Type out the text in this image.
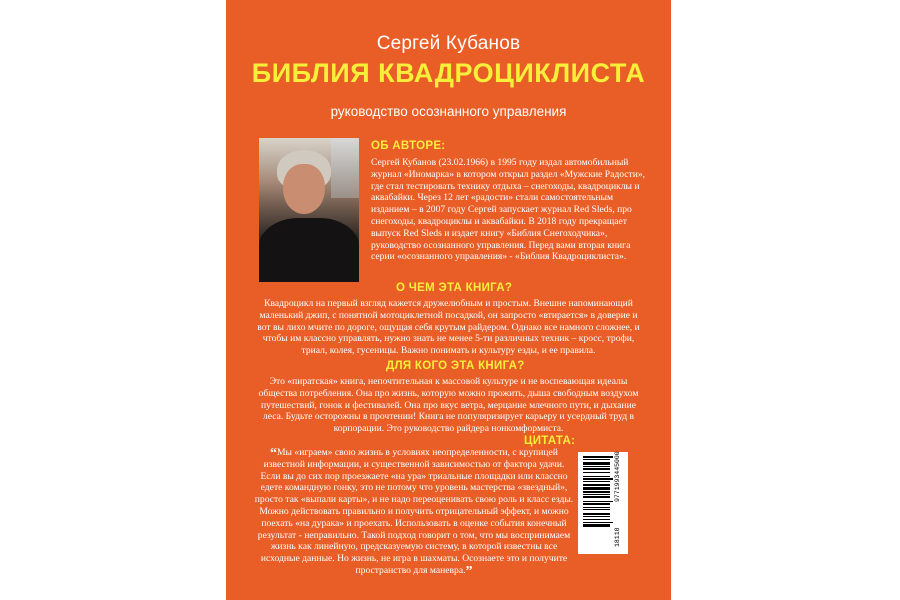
Сергей Кубанов
БИБЛИЯ КВАДРОЦИКЛИСТА
руководство осознанного управления
ОБ АВТОРЕ:
Сергей Кубанов (23.02.1966) в 1995 году издал автомобильный журнал «Иномарка» в котором открыл раздел «Мужские Радости», где стал тестировать технику отдыха – снегоходы, квадроциклы и аквабайки. Через 12 лет «радости» стали самостоятельным изданием – в 2007 году Сергей запускает журнал Red Sleds, про снегоходы, квадроциклы и аквабайки. В 2018 году прекращает выпуск Red Sleds и издает книгу «Библия Снегоходчика», руководство осознанного управления. Перед вами вторая книга серии «осознанного управления» - «Библия Квадроциклиста».
О ЧЕМ ЭТА КНИГА?
Квадроцикл на первый взгляд кажется дружелюбным и простым. Внешне напоминающий маленький джип, с понятной мотоциклетной посадкой, он запросто «втирается» в доверие и вот вы лихо мчите по дороге, ощущая себя крутым райдером. Однако все намного сложнее, и чтобы им классно управлять, нужно знать не менее 5-ти различных техник – кросс, трофи, триал, колея, гусеницы. Важно понимать и культуру езды, и ее правила.
ДЛЯ КОГО ЭТА КНИГА?
Это «пиратская» книга, непочтительная к массовой культуре и не воспевающая идеалы общества потребления. Она про жизнь, которую можно прожить, дыша свободным воздухом путешествий, гонок и фестивалей. Она про вкус ветра, мерцание млечного пути, и дыхание леса. Будьте осторожны в прочтении! Книга не популяризирует карьеру и усердный труд в корпорации. Это руководство райдера нонкомформиста.
ЦИТАТА:
“Мы «играем» свою жизнь в условиях неопределенности, с крупицей известной информации, и существенной зависимостью от фактора удачи. Если вы до сих пор проезжаете «на ура» триальные площадки или классно едете командную гонку, это не потому что уровень мастерства «звездный», просто так «выпали карты», и не надо переоценивать свою роль и класс езды. Можно действовать правильно и получить отрицательный эффект, и можно поехать «на дурака» и проехать. Использовать в оценке события конечный результат - неправильно. Такой подход говорит о том, что мы воспринимаем жизнь как линейную, предсказуемую систему, в которой известны все исходные данные. Но жизнь, не игра в шахматы. Осознаете это и получите пространство для маневра.”
9771993445000
18118
